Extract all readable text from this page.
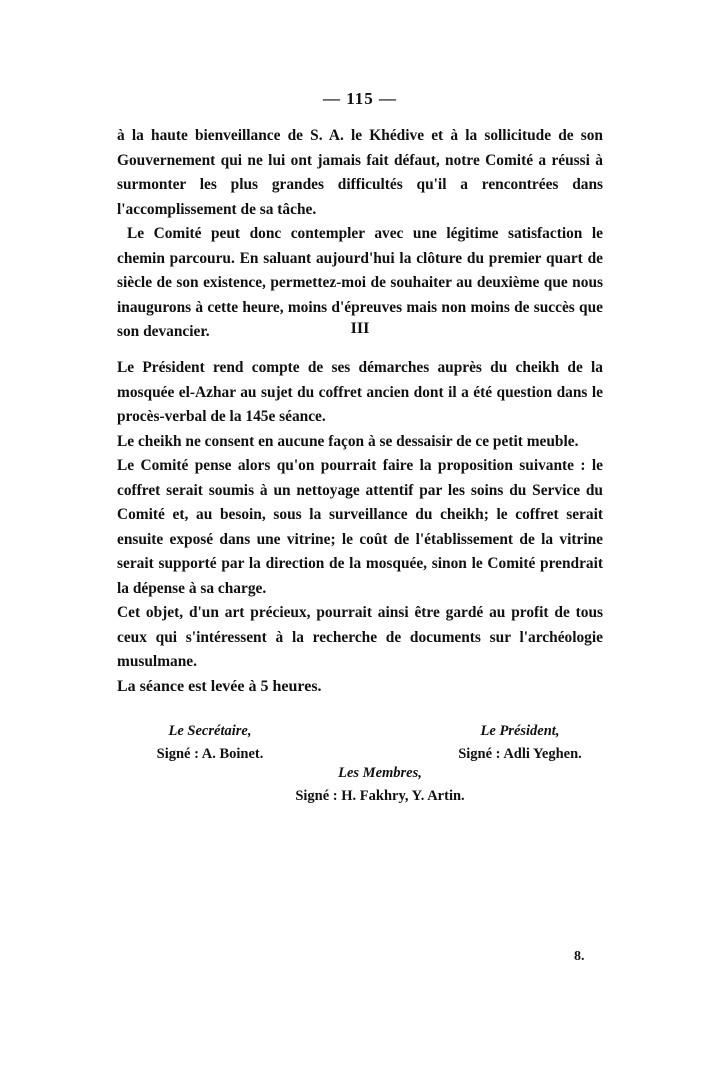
— 115 —

à la haute bienveillance de S. A. le Khédive et à la sollicitude de son Gouvernement qui ne lui ont jamais fait défaut, notre Comité a réussi à surmonter les plus grandes difficultés qu'il a rencontrées dans l'accomplissement de sa tâche.

Le Comité peut donc contempler avec une légitime satisfaction le chemin parcouru. En saluant aujourd'hui la clôture du premier quart de siècle de son existence, permettez-moi de souhaiter au deuxième que nous inaugurons à cette heure, moins d'épreuves mais non moins de succès que son devancier.	III

Le Président rend compte de ses démarches auprès du cheikh de la mosquée el-Azhar au sujet du coffret ancien dont il a été question dans le procès-verbal de la 145e séance.

Le cheikh ne consent en aucune façon à se dessaisir de ce petit meuble.

Le Comité pense alors qu'on pourrait faire la proposition suivante : le coffret serait soumis à un nettoyage attentif par les soins du Service du Comité et, au besoin, sous la surveillance du cheikh; le coffret serait ensuite exposé dans une vitrine; le coût de l'établissement de la vitrine serait supporté par la direction de la mosquée, sinon le Comité prendrait la dépense à sa charge.

Cet objet, d'un art précieux, pourrait ainsi être gardé au profit de tous ceux qui s'intéressent à la recherche de documents sur l'archéologie musulmane.

La séance est levée à 5 heures.
Le Secrétaire,
Signé : A. Boinet.
Le Président,
Signé : Adli Yeghen.
Les Membres,
Signé : H. Fakhry, Y. Artin.
8.
